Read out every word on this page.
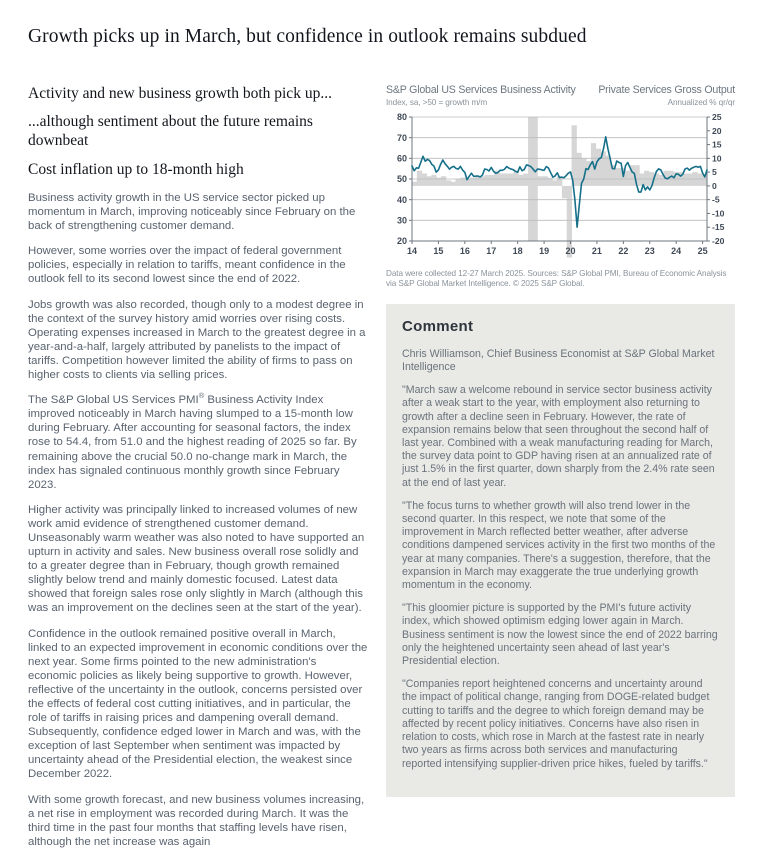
Growth picks up in March, but confidence in outlook remains subdued
Activity and new business growth both pick up...
...although sentiment about the future remains downbeat
Cost inflation up to 18-month high

Business activity growth in the US service sector picked up momentum in March, improving noticeably since February on the back of strengthening customer demand.

However, some worries over the impact of federal government policies, especially in relation to tariffs, meant confidence in the outlook fell to its second lowest since the end of 2022.

Jobs growth was also recorded, though only to a modest degree in the context of the survey history amid worries over rising costs. Operating expenses increased in March to the greatest degree in a year-and-a-half, largely attributed by panelists to the impact of tariffs. Competition however limited the ability of firms to pass on higher costs to clients via selling prices.

The S&P Global US Services PMI® Business Activity Index improved noticeably in March having slumped to a 15-month low during February. After accounting for seasonal factors, the index rose to 54.4, from 51.0 and the highest reading of 2025 so far. By remaining above the crucial 50.0 no-change mark in March, the index has signaled continuous monthly growth since February 2023.

Higher activity was principally linked to increased volumes of new work amid evidence of strengthened customer demand. Unseasonably warm weather was also noted to have supported an upturn in activity and sales. New business overall rose solidly and to a greater degree than in February, though growth remained slightly below trend and mainly domestic focused. Latest data showed that foreign sales rose only slightly in March (although this was an improvement on the declines seen at the start of the year).

Confidence in the outlook remained positive overall in March, linked to an expected improvement in economic conditions over the next year. Some firms pointed to the new administration's economic policies as likely being supportive to growth. However, reflective of the uncertainty in the outlook, concerns persisted over the effects of federal cost cutting initiatives, and in particular, the role of tariffs in raising prices and dampening overall demand. Subsequently, confidence edged lower in March and was, with the exception of last September when sentiment was impacted by uncertainty ahead of the Presidential election, the weakest since December 2022.

With some growth forecast, and new business volumes increasing, a net rise in employment was recorded during March. It was the third time in the past four months that staffing levels have risen, although the net increase was again

S&P Global US Services Business Activity Private Services Gross Output
Index, sa, >50 = growth m/m	Annualized % qr/qr
20
30
40
50
60
70
80
-20
-15
-10
-5
0
5
10
15
20
25
14 15 16 17 18 19 20 21 22 23 24 25
Data were collected 12-27 March 2025. Sources: S&P Global PMI, Bureau of Economic Analysis via S&P Global Market Intelligence. © 2025 S&P Global.
Comment
Chris Williamson, Chief Business Economist at S&P Global Market Intelligence

"March saw a welcome rebound in service sector business activity after a weak start to the year, with employment also returning to growth after a decline seen in February. However, the rate of expansion remains below that seen throughout the second half of last year. Combined with a weak manufacturing reading for March, the survey data point to GDP having risen at an annualized rate of just 1.5% in the first quarter, down sharply from the 2.4% rate seen at the end of last year.

"The focus turns to whether growth will also trend lower in the second quarter. In this respect, we note that some of the improvement in March reflected better weather, after adverse conditions dampened services activity in the first two months of the year at many companies. There's a suggestion, therefore, that the expansion in March may exaggerate the true underlying growth momentum in the economy.

"This gloomier picture is supported by the PMI's future activity index, which showed optimism edging lower again in March. Business sentiment is now the lowest since the end of 2022 barring only the heightened uncertainty seen ahead of last year's Presidential election.

"Companies report heightened concerns and uncertainty around the impact of political change, ranging from DOGE-related budget cutting to tariffs and the degree to which foreign demand may be affected by recent policy initiatives. Concerns have also risen in relation to costs, which rose in March at the fastest rate in nearly two years as firms across both services and manufacturing reported intensifying supplier-driven price hikes, fueled by tariffs."
